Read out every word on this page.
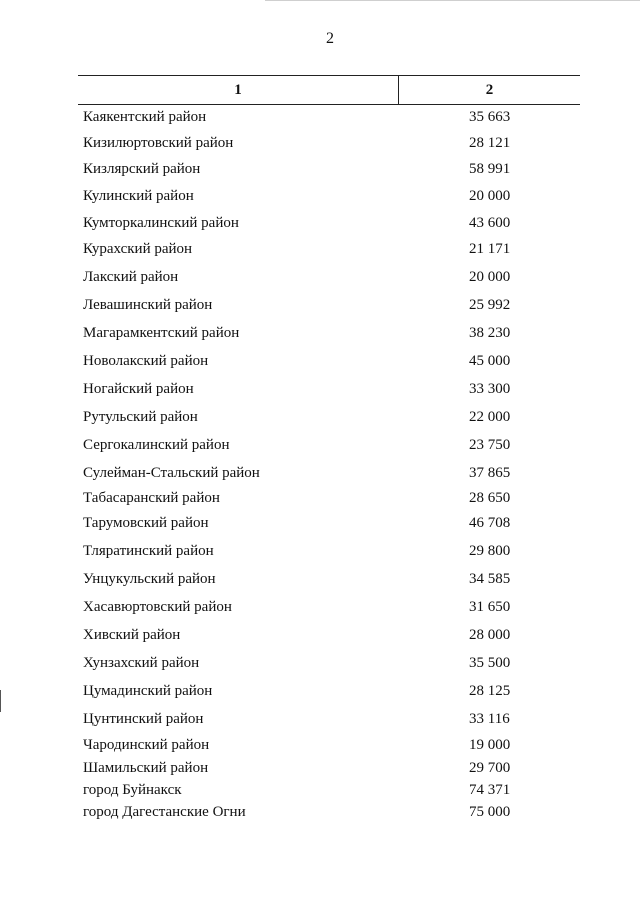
2
1	2
Каякентский район	35 663
Кизилюртовский район	28 121
Кизлярский район	58 991
Кулинский район	20 000
Кумторкалинский район	43 600
Курахский район	21 171
Лакский район	20 000
Левашинский район	25 992
Магарамкентский район	38 230
Новолакский район	45 000
Ногайский район	33 300
Рутульский район	22 000
Сергокалинский район	23 750
Сулейман-Стальский район	37 865
Табасаранский район	28 650
Тарумовский район	46 708
Тляратинский район	29 800
Унцукульский район	34 585
Хасавюртовский район	31 650
Хивский район	28 000
Хунзахский район	35 500
Цумадинский район	28 125
Цунтинский район	33 116
Чародинский район	19 000
Шамильский район	29 700
город Буйнакск	74 371
город Дагестанские Огни	75 000
